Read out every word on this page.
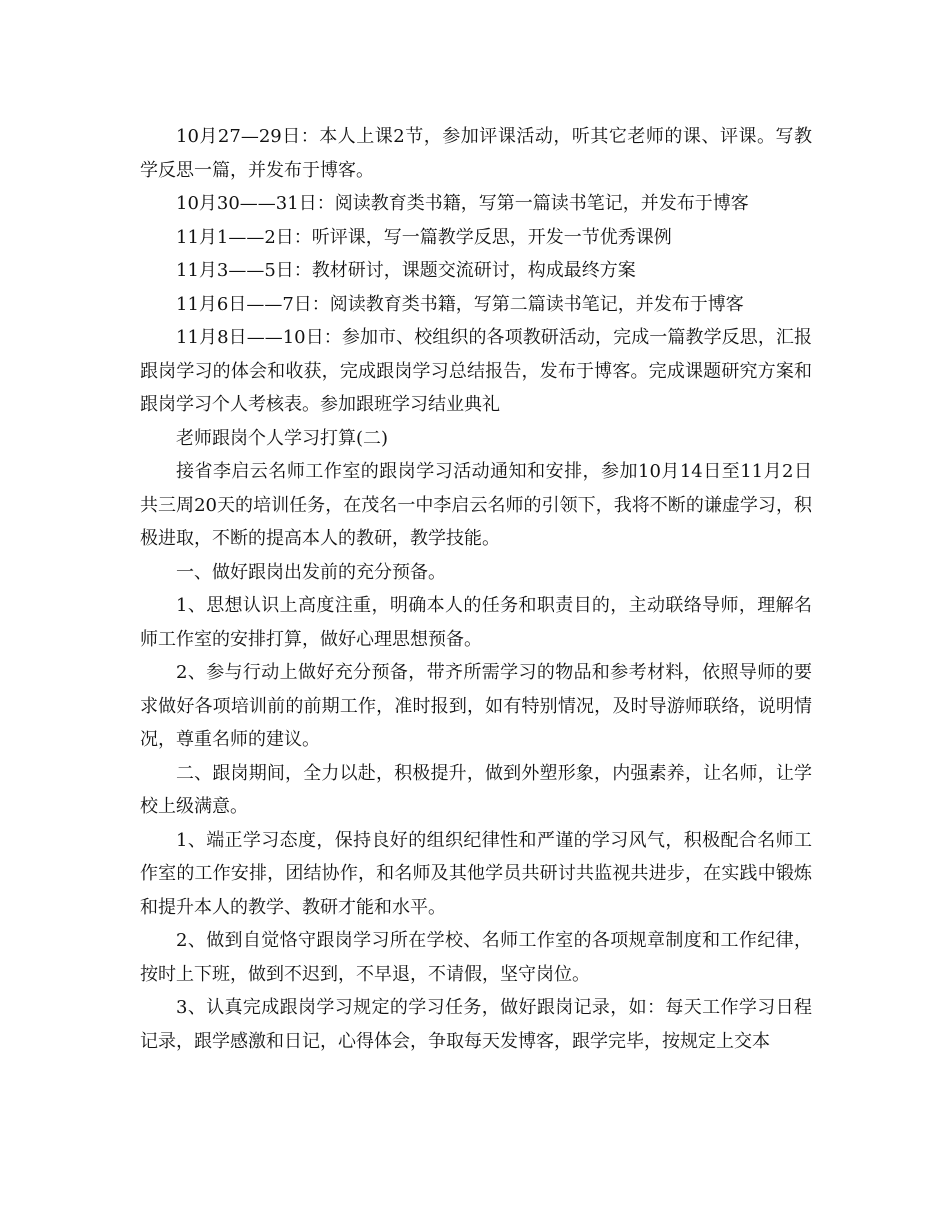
10月27—29日：本人上课2节，参加评课活动，听其它老师的课、评课。写教学反思一篇，并发布于博客。

10月30——31日：阅读教育类书籍，写第一篇读书笔记，并发布于博客

11月1——2日：听评课，写一篇教学反思，开发一节优秀课例

11月3——5日：教材研讨，课题交流研讨，构成最终方案

11月6日——7日：阅读教育类书籍，写第二篇读书笔记，并发布于博客

11月8日——10日：参加市、校组织的各项教研活动，完成一篇教学反思，汇报跟岗学习的体会和收获，完成跟岗学习总结报告，发布于博客。完成课题研究方案和跟岗学习个人考核表。参加跟班学习结业典礼

老师跟岗个人学习打算(二)

接省李启云名师工作室的跟岗学习活动通知和安排，参加10月14日至11月2日共三周20天的培训任务，在茂名一中李启云名师的引领下，我将不断的谦虚学习，积极进取，不断的提高本人的教研，教学技能。

一、做好跟岗出发前的充分预备。

1、思想认识上高度注重，明确本人的任务和职责目的，主动联络导师，理解名师工作室的安排打算，做好心理思想预备。

2、参与行动上做好充分预备，带齐所需学习的物品和参考材料，依照导师的要求做好各项培训前的前期工作，准时报到，如有特别情况，及时导游师联络，说明情况，尊重名师的建议。

二、跟岗期间，全力以赴，积极提升，做到外塑形象，内强素养，让名师，让学校上级满意。

1、端正学习态度，保持良好的组织纪律性和严谨的学习风气，积极配合名师工作室的工作安排，团结协作，和名师及其他学员共研讨共监视共进步，在实践中锻炼和提升本人的教学、教研才能和水平。

2、做到自觉恪守跟岗学习所在学校、名师工作室的各项规章制度和工作纪律，按时上下班，做到不迟到，不早退，不请假，坚守岗位。

3、认真完成跟岗学习规定的学习任务，做好跟岗记录，如：每天工作学习日程记录，跟学感激和日记，心得体会，争取每天发博客，跟学完毕，按规定上交本
